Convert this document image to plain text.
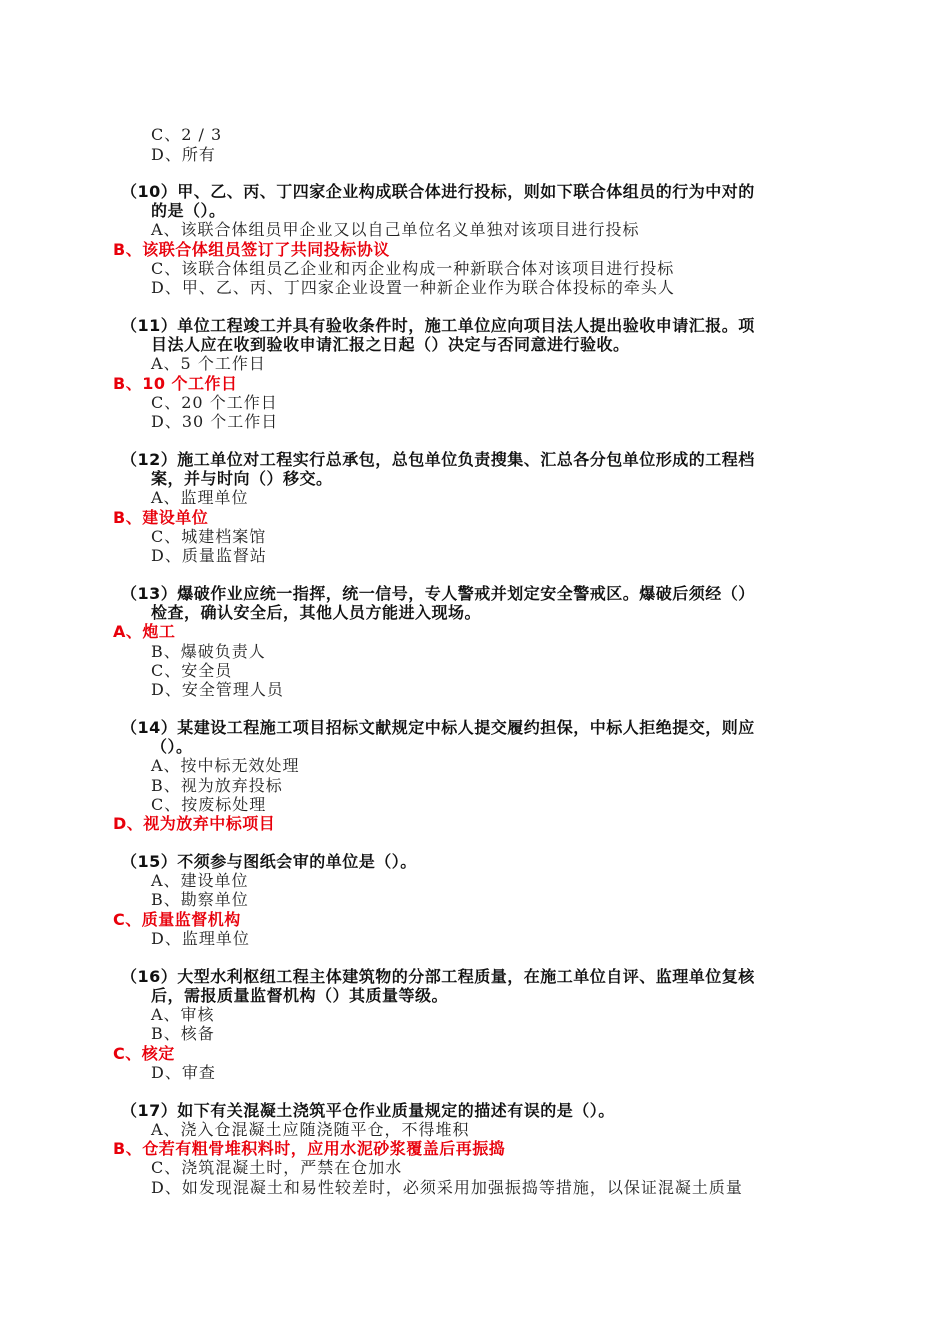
C、2 / 3
D、所有
（10）甲、乙、丙、丁四家企业构成联合体进行投标，则如下联合体组员的行为中对的
的是（）。
A、该联合体组员甲企业又以自己单位名义单独对该项目进行投标
B、该联合体组员签订了共同投标协议
C、该联合体组员乙企业和丙企业构成一种新联合体对该项目进行投标
D、甲、乙、丙、丁四家企业设置一种新企业作为联合体投标的牵头人
（11）单位工程竣工并具有验收条件时，施工单位应向项目法人提出验收申请汇报。项
目法人应在收到验收申请汇报之日起（）决定与否同意进行验收。
A、5 个工作日
B、10 个工作日
C、20 个工作日
D、30 个工作日
（12）施工单位对工程实行总承包，总包单位负责搜集、汇总各分包单位形成的工程档
案，并与时向（）移交。
A、监理单位
B、建设单位
C、城建档案馆
D、质量监督站
（13）爆破作业应统一指挥，统一信号，专人警戒并划定安全警戒区。爆破后须经（）
检查，确认安全后，其他人员方能进入现场。
A、炮工
B、爆破负责人
C、安全员
D、安全管理人员
（14）某建设工程施工项目招标文献规定中标人提交履约担保，中标人拒绝提交，则应
（）。
A、按中标无效处理
B、视为放弃投标
C、按废标处理
D、视为放弃中标项目
（15）不须参与图纸会审的单位是（）。
A、建设单位
B、勘察单位
C、质量监督机构
D、监理单位
（16）大型水利枢纽工程主体建筑物的分部工程质量，在施工单位自评、监理单位复核
后，需报质量监督机构（）其质量等级。
A、审核
B、核备
C、核定
D、审查
（17）如下有关混凝土浇筑平仓作业质量规定的描述有误的是（）。
A、浇入仓混凝土应随浇随平仓，不得堆积
B、仓若有粗骨堆积料时，应用水泥砂浆覆盖后再振捣
C、浇筑混凝土时，严禁在仓加水
D、如发现混凝土和易性较差时，必须采用加强振捣等措施，以保证混凝土质量
